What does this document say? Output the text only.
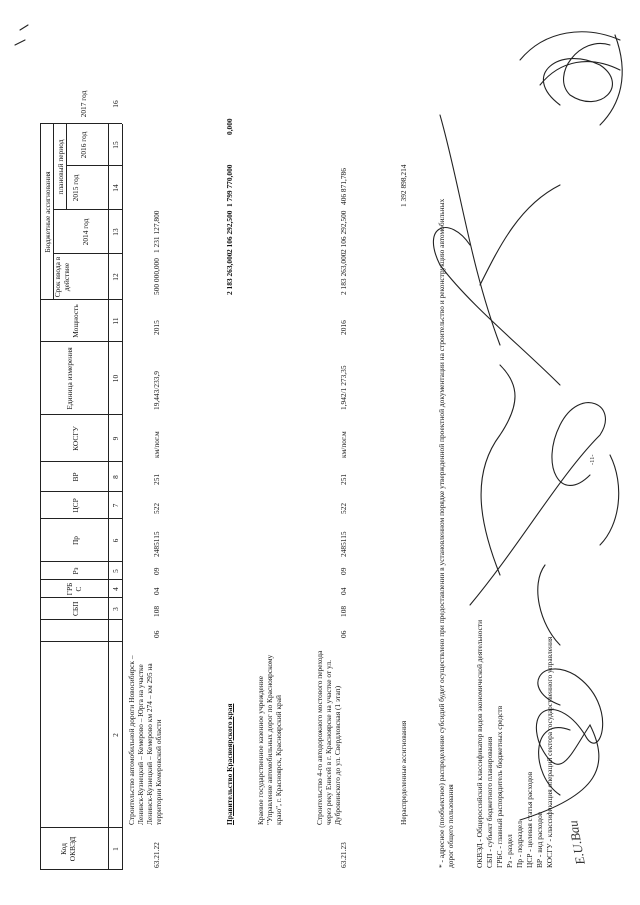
Код ОКВЭД
СБП
ГРБ С
Рз
Пр
ЦСР
ВР
КОСГУ
Единица измерения
Мощность
Срок ввода в действие
Бюджетные ассигнования
плановый период
2014 год
2015 год
2016 год
2017 год
1
2
3
4
5
6
7
8
9
10
11
12
13
14
15
16
63.21.22
Строительство автомобильной дороги Новосибирск – Ленинск-Кузнецкий – Кемерово – Юрга на участке Ленинск-Кузнецкий – Кемерово км 274 – км 295 на территории Кемеровской области
06
108
04
09
2485115
522
251
км/пог.м
19,443/233,9
2015
500 000,000
1 231 127,800
Правительство Красноярского края
2 183 263,000
2 106 292,500
1 799 770,000
0,000
Краевое государственное казенное учреждение "Управление автомобильных дорог по Красноярскому краю", г. Красноярск, Красноярский край
63.21.23
Строительство 4-го автодорожного мостового перехода через реку Енисей в г. Красноярске на участке от ул. Дубровинского до ул. Свердловская (1 этап)
06
108
04
09
2485115
522
251
км/пог.м
1,942/1 273,35
2016
2 183 263,000
2 106 292,500
406 871,786
Нераспределенные ассигнования
1 392 898,214
* - адресное (пообъектное) распределение субсидий будет осуществлено при предоставлении в установленном порядке утвержденной проектной документации на строительство и реконструкцию автомобильных дорог общего пользования	ОКВЭД - Общероссийский классификатор видов экономической деятельности СБП - субъект бюджетного планирования ГРБС - главный распорядитель бюджетных средств Рз - раздел Пр - подраздел ЦСР - целевая статья расходов ВР - вид расходов КОСГУ - классификация операций сектора государственного управления
-11-
E.U.Bau
